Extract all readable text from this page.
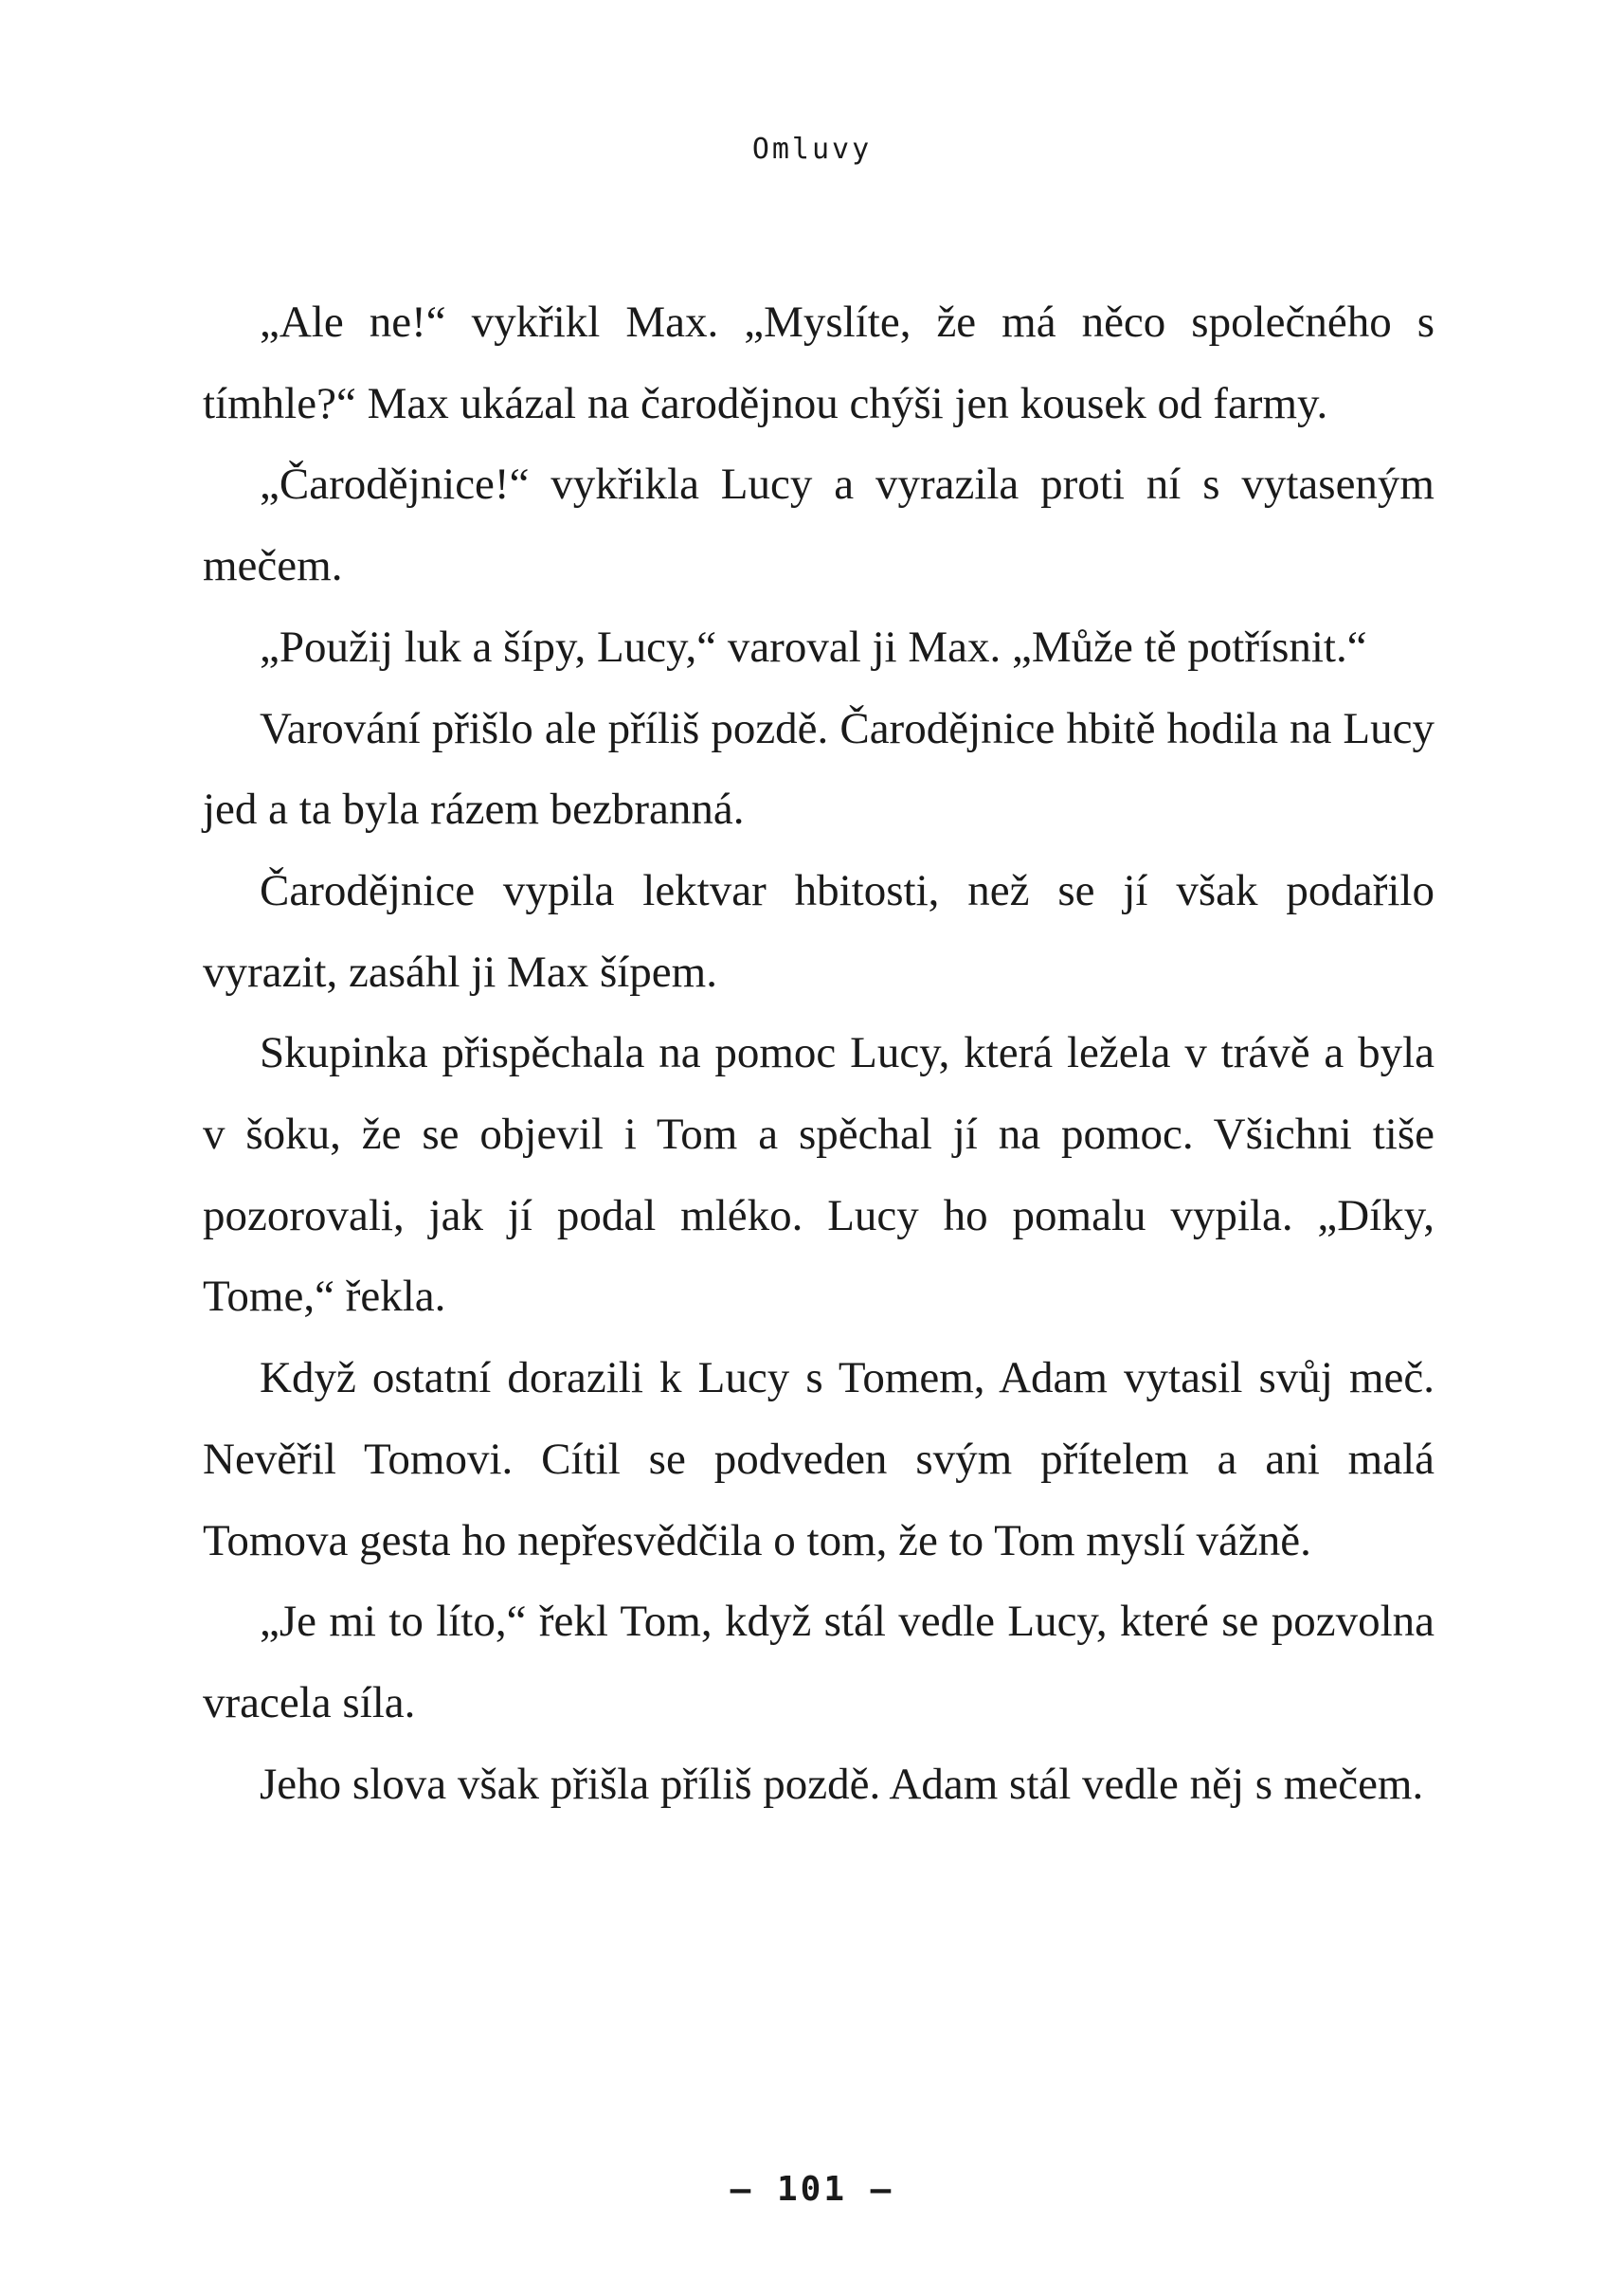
Omluvy

„Ale ne!“ vykřikl Max. „Myslíte, že má něco společného s tímhle?“ Max ukázal na čarodějnou chýši jen kousek od farmy.

„Čarodějnice!“ vykřikla Lucy a vyrazila proti ní s vytaseným mečem.

„Použij luk a šípy, Lucy,“ varoval ji Max. „Může tě potřísnit.“

Varování přišlo ale příliš pozdě. Čarodějnice hbitě hodila na Lucy jed a ta byla rázem bezbranná.

Čarodějnice vypila lektvar hbitosti, než se jí však podařilo vyrazit, zasáhl ji Max šípem.

Skupinka přispěchala na pomoc Lucy, která ležela v trávě a byla v šoku, že se objevil i Tom a spěchal jí na pomoc. Všichni tiše pozorovali, jak jí podal mléko. Lucy ho pomalu vypila. „Díky, Tome,“ řekla.

Když ostatní dorazili k Lucy s Tomem, Adam vytasil svůj meč. Nevěřil Tomovi. Cítil se podveden svým přítelem a ani malá Tomova gesta ho nepřesvědčila o tom, že to Tom myslí vážně.

„Je mi to líto,“ řekl Tom, když stál vedle Lucy, které se pozvolna vracela síla.

Jeho slova však přišla příliš pozdě. Adam stál vedle něj s mečem.

– 101 –
